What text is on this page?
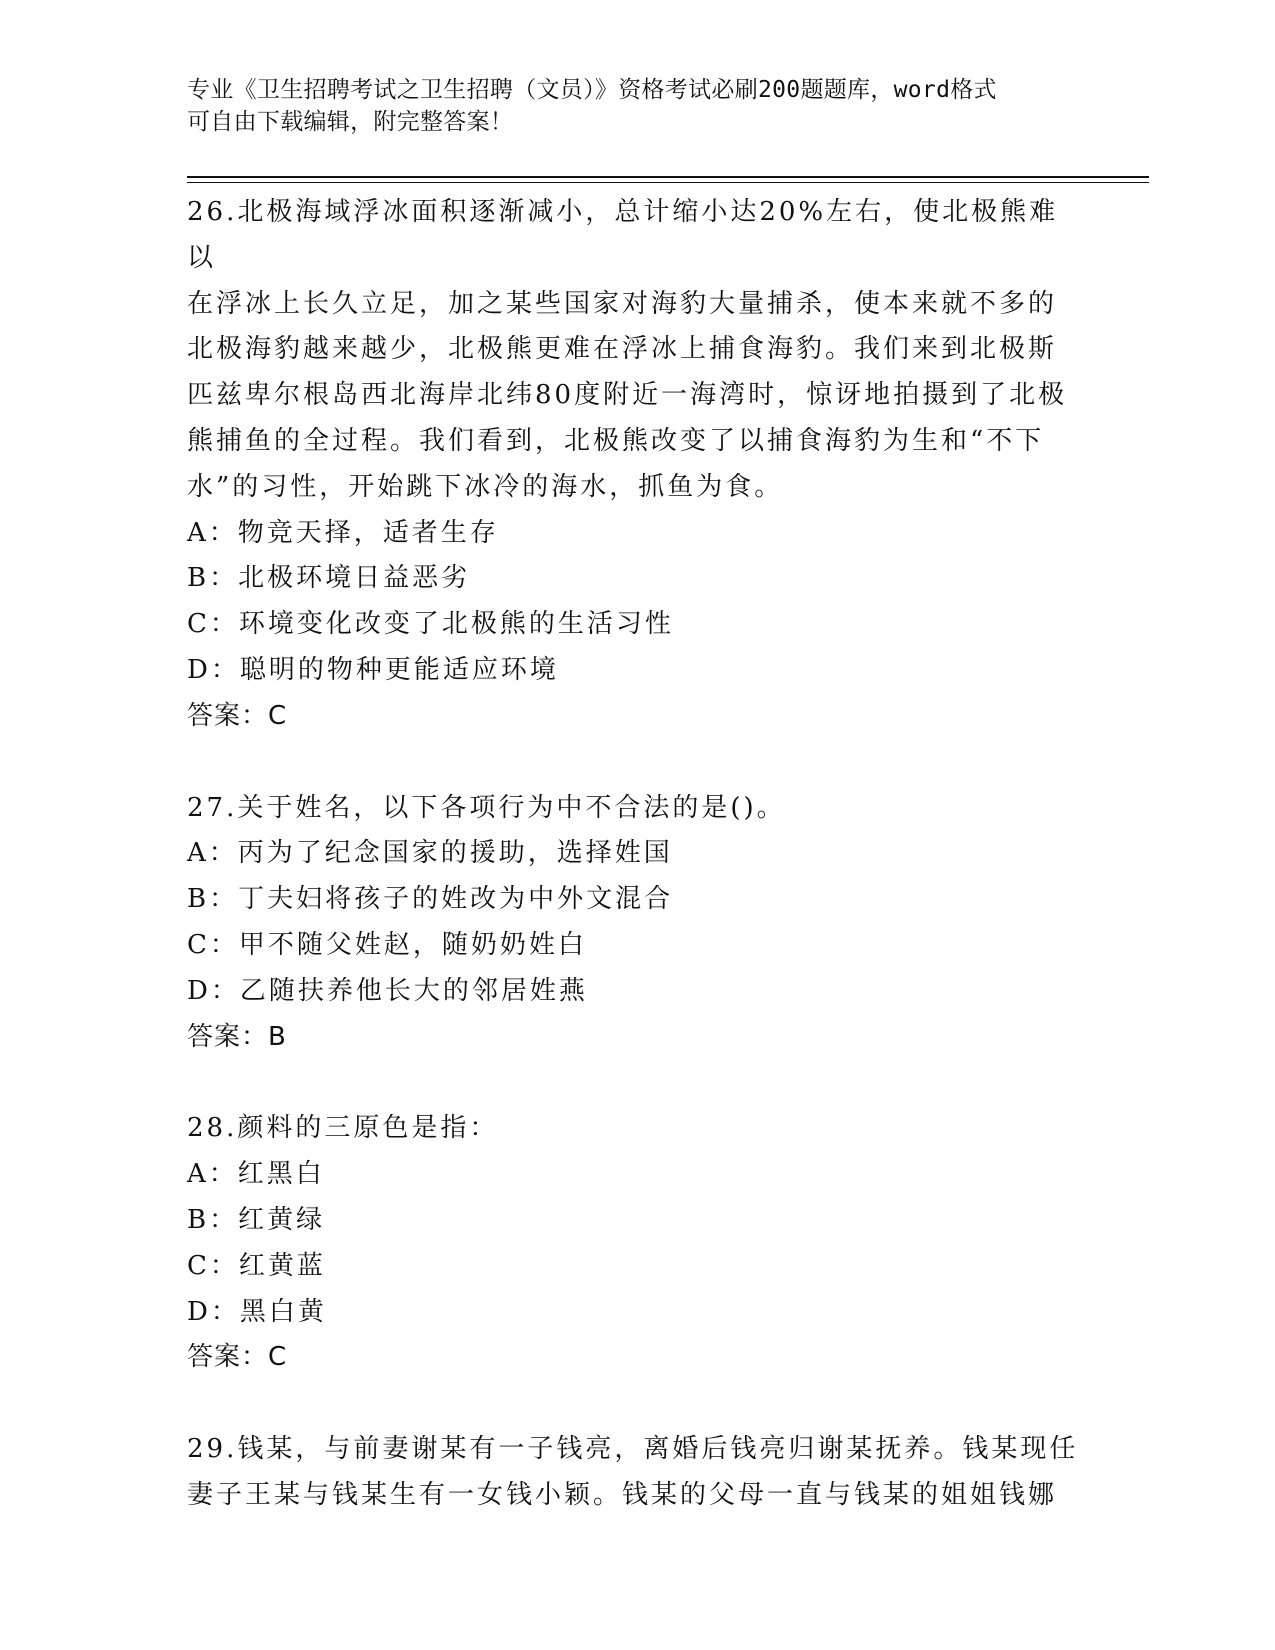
专业《卫生招聘考试之卫生招聘（文员）》资格考试必刷200题题库，word格式
可自由下载编辑，附完整答案！
26.北极海域浮冰面积逐渐减小，总计缩小达20%左右，使北极熊难以
在浮冰上长久立足，加之某些国家对海豹大量捕杀，使本来就不多的
北极海豹越来越少，北极熊更难在浮冰上捕食海豹。我们来到北极斯
匹兹卑尔根岛西北海岸北纬80度附近一海湾时，惊讶地拍摄到了北极
熊捕鱼的全过程。我们看到，北极熊改变了以捕食海豹为生和“不下
水”的习性，开始跳下冰冷的海水，抓鱼为食。
A：物竞天择，适者生存
B：北极环境日益恶劣
C：环境变化改变了北极熊的生活习性
D：聪明的物种更能适应环境
答案：C
27.关于姓名，以下各项行为中不合法的是()。
A：丙为了纪念国家的援助，选择姓国
B：丁夫妇将孩子的姓改为中外文混合
C：甲不随父姓赵，随奶奶姓白
D：乙随扶养他长大的邻居姓燕
答案：B
28.颜料的三原色是指：
A：红黑白
B：红黄绿
C：红黄蓝
D：黑白黄
答案：C
29.钱某，与前妻谢某有一子钱亮，离婚后钱亮归谢某抚养。钱某现任
妻子王某与钱某生有一女钱小颖。钱某的父母一直与钱某的姐姐钱娜
